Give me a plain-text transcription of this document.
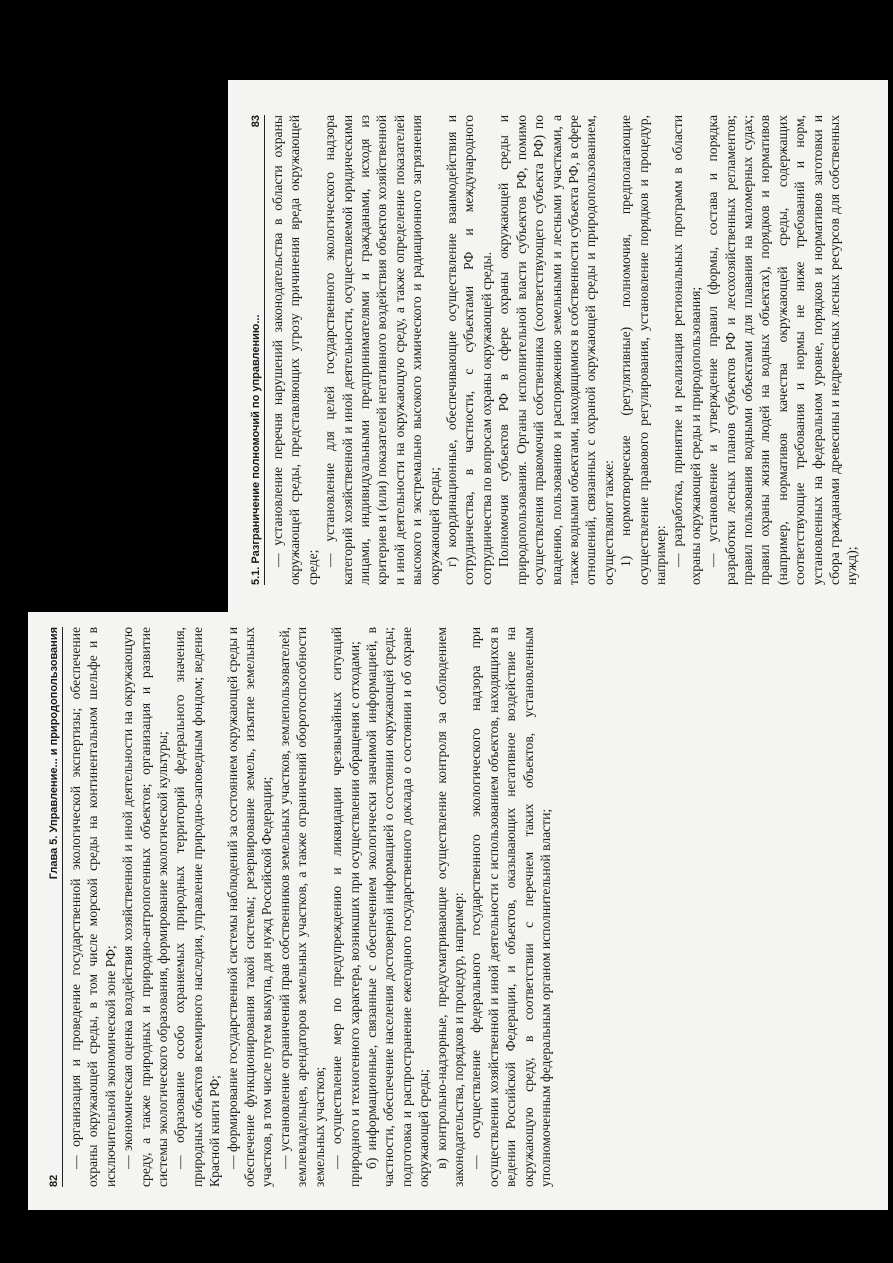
82
Глава 5. Управление... и природопользования — организация и проведение государственной экологической экспертизы; обеспечение охраны окружающей среды, в том числе морской среды на континентальном шельфе и в исключительной экономической зоне РФ; — экономическая оценка воздействия хозяйственной и иной деятельности на окружающую среду, а также природных и природно-антропогенных объектов; организация и развитие системы экологического образования, формирование экологической культуры; — образование особо охраняемых природных территорий федерального значения, природных объектов всемирного наследия, управление природно-заповедным фондом; ведение Красной книги РФ; — формирование государственной системы наблюдений за состоянием окружающей среды и обеспечение функционирования такой системы; резервирование земель, изъятие земельных участков, в том числе путем выкупа, для нужд Российской Федерации; — установление ограничений прав собственников земельных участков, землепользователей, землевладельцев, арендаторов земельных участков, а также ограничений оборотоспособности земельных участков; — осуществление мер по предупреждению и ликвидации чрезвычайных ситуаций природного и техногенного характера, возникших при осуществлении обращения с отходами; б) информационные, связанные с обеспечением экологически значимой информацией, в частности, обеспечение населения достоверной информацией о состоянии окружающей среды; подготовка и распространение ежегодного государственного доклада о состоянии и об охране окружающей среды; в) контрольно-надзорные, предусматривающие осуществление контроля за соблюдением законодательства, порядков и процедур, например: — осуществление федерального государственного экологического надзора при осуществлении хозяйственной и иной деятельности с использованием объектов, находящихся в ведении Российской Федерации, и объектов, оказывающих негативное воздействие на окружающую среду, в соответствии с перечнем таких объектов, установленным уполномоченным федеральным органом исполнительной власти;

5.1. Разграничение полномочий по управлению...
83 — установление перечня нарушений законодательства в области охраны окружающей среды, представляющих угрозу причинения вреда окружающей среде;

— установление для целей государственного экологического надзора категорий хозяйственной и иной деятельности, осуществляемой юридическими лицами, индивидуальными предпринимателями и гражданами, исходя из критериев и (или) показателей негативного воздействия объектов хозяйственной и иной деятельности на окружающую среду, а также определение показателей высокого и экстремально высокого химического и радиационного загрязнения окружающей среды; г) координационные, обеспечивающие осуществление взаимодействия и сотрудничества, в частности, с субъектами РФ и международного сотрудничества по вопросам охраны окружающей среды. Полномочия субъектов РФ в сфере охраны окружающей среды и природопользования. Органы исполнительной власти субъектов РФ, помимо осуществления правомочий собственника (соответствующего субъекта РФ) по владению, пользованию и распоряжению земельными и лесными участками, а также водными объектами, находящимися в собственности субъекта РФ, в сфере отношений, связанных с охраной окружающей среды и природопользованием, осуществляют также: 1) нормотворческие (регулятивные) полномочия, предполагающие осуществление правового регулирования, установление порядков и процедур, например: — разработка, принятие и реализация региональных программ в области охраны окружающей среды и природопользования; — установление и утверждение правил (формы, состава и порядка разработки лесных планов субъектов РФ и лесохозяйственных регламентов; правил пользования водными объектами для плавания на маломерных судах; правил охраны жизни людей на водных объектах), порядков и нормативов (например, нормативов качества окружающей среды, содержащих соответствующие требования и нормы не ниже требований и норм, установленных на федеральном уровне, порядков и нормативов заготовки и сбора гражданами древесины и недревесных лесных ресурсов для собственных нужд);
